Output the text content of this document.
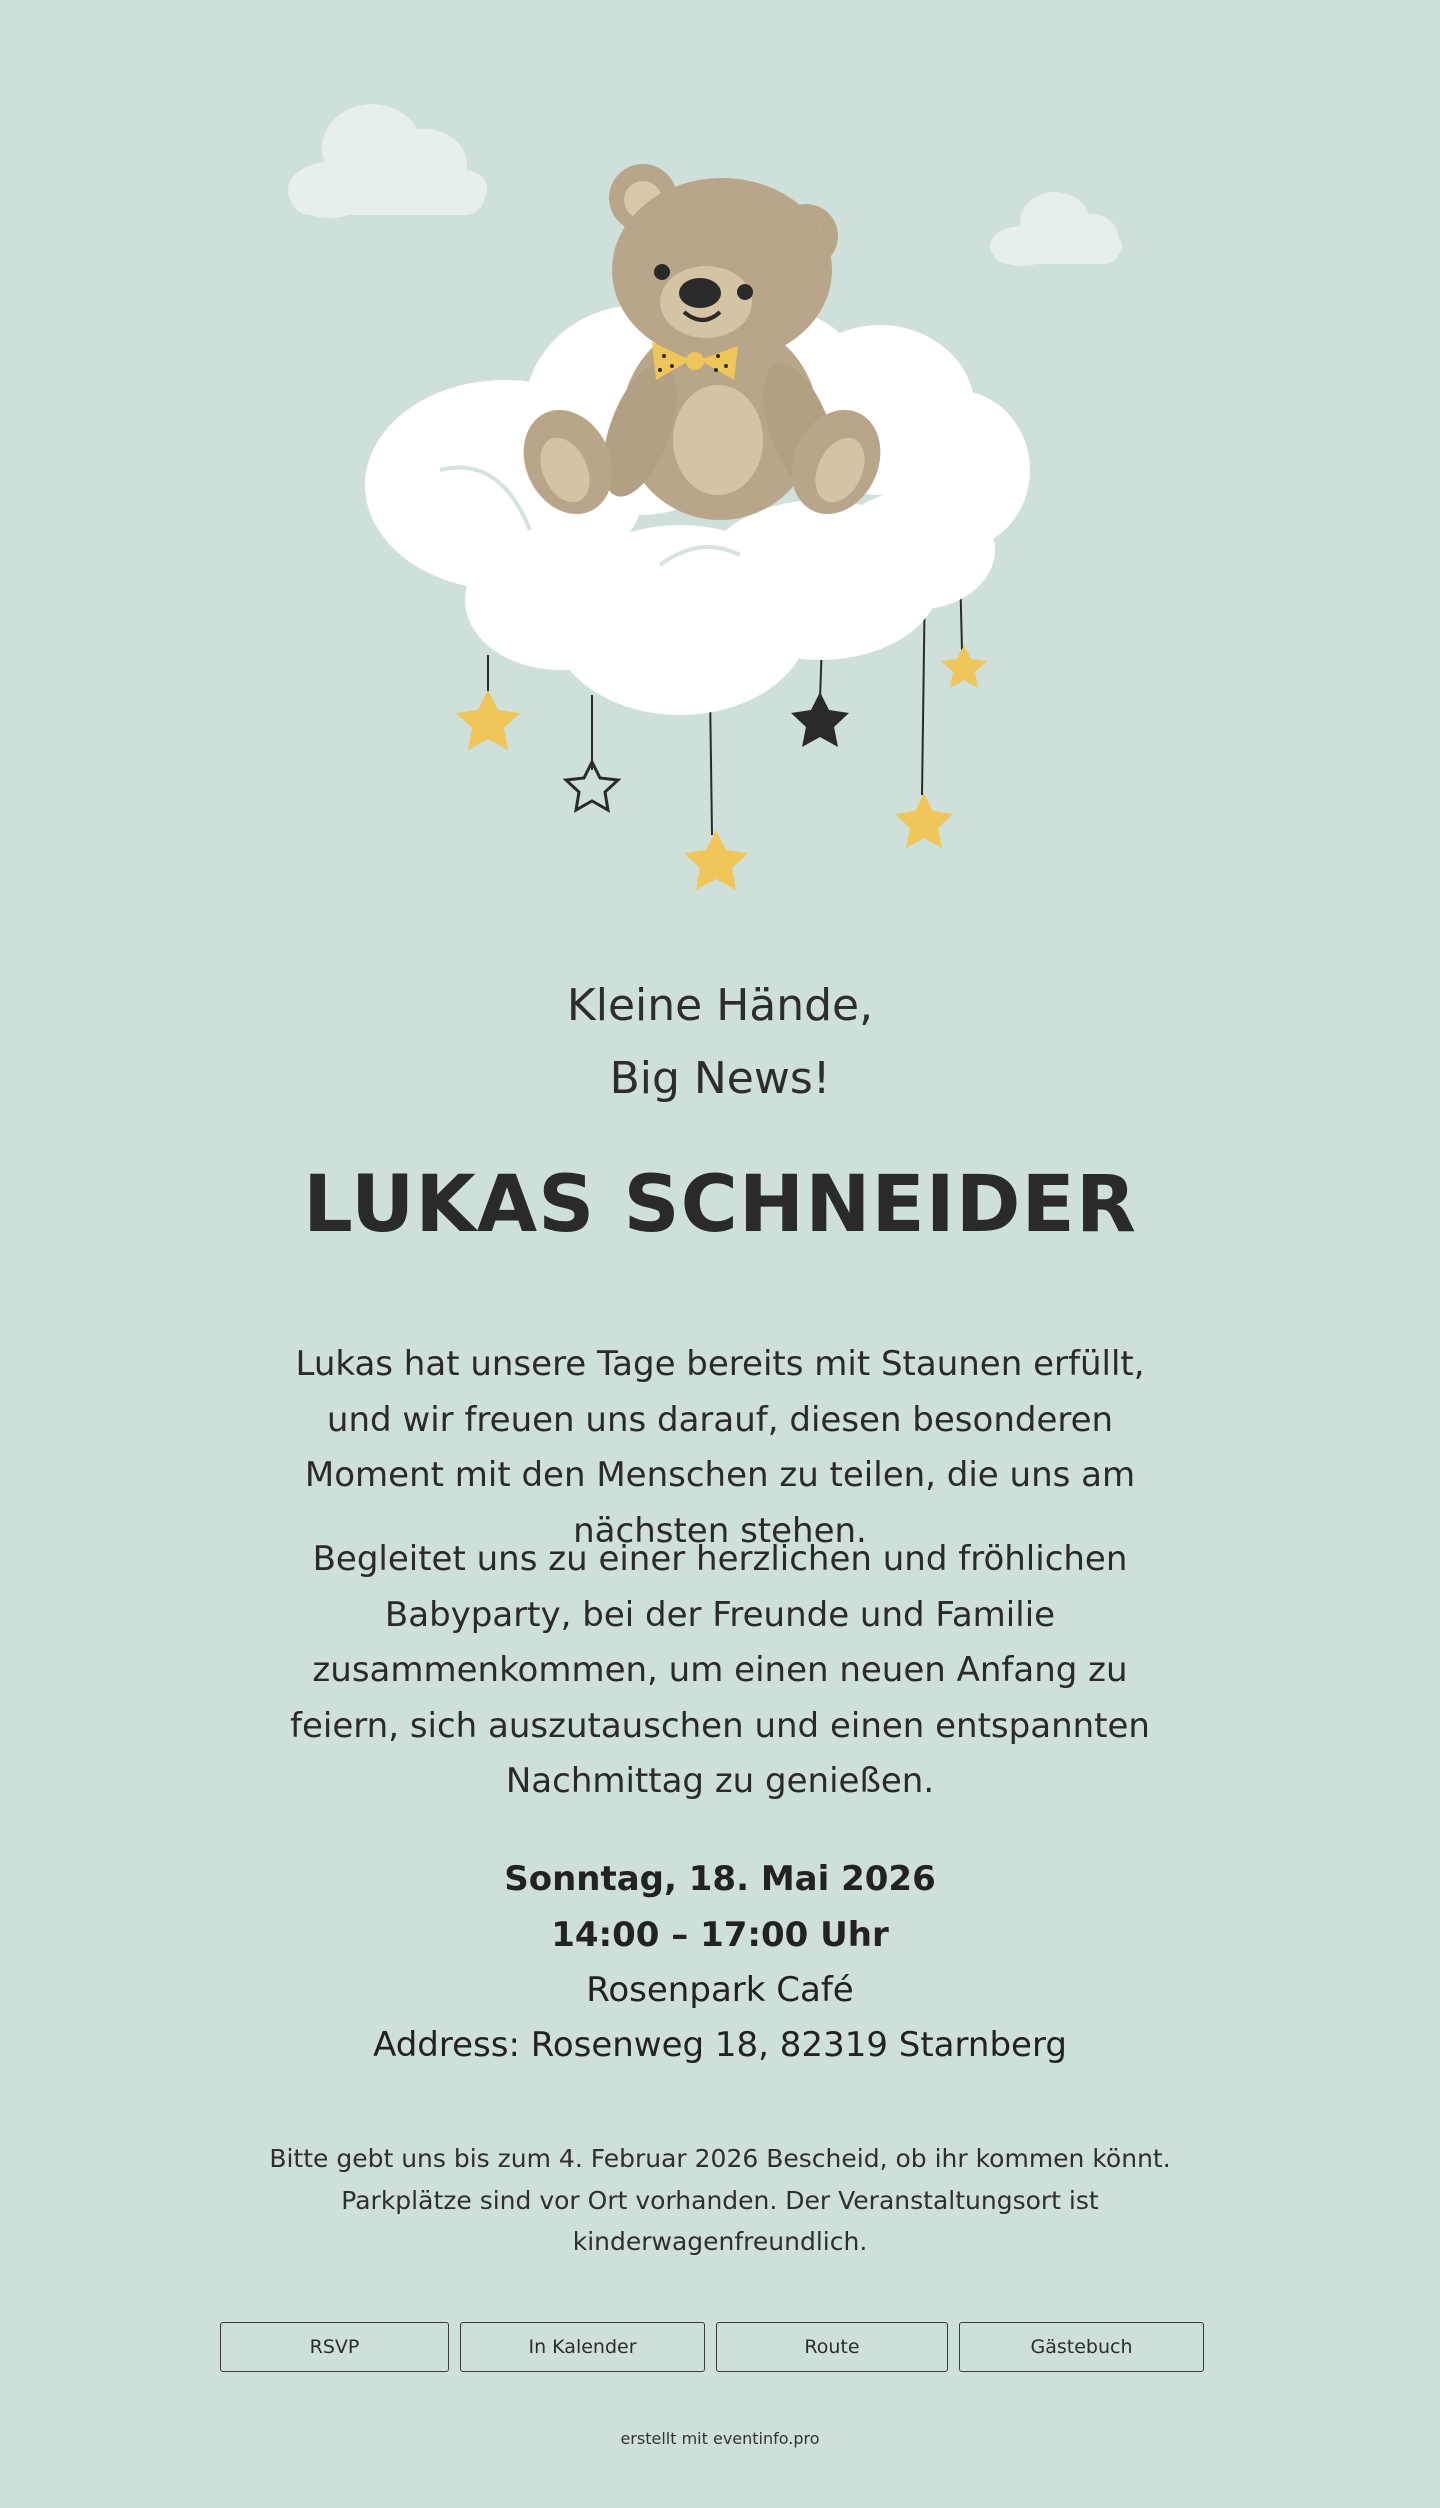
Kleine Hände,
Big News!
LUKAS SCHNEIDER
Lukas hat unsere Tage bereits mit Staunen erfüllt, und wir freuen uns darauf, diesen besonderen Moment mit den Menschen zu teilen, die uns am nächsten stehen.
Begleitet uns zu einer herzlichen und fröhlichen Babyparty, bei der Freunde und Familie zusammenkommen, um einen neuen Anfang zu feiern, sich auszutauschen und einen entspannten Nachmittag zu genießen.
Sonntag, 18. Mai 2026
14:00 – 17:00 Uhr
Rosenpark Café
Address: Rosenweg 18, 82319 Starnberg
Bitte gebt uns bis zum 4. Februar 2026 Bescheid, ob ihr kommen könnt. Parkplätze sind vor Ort vorhanden. Der Veranstaltungsort ist kinderwagenfreundlich.
RSVP	In Kalender	Route	Gästebuch
erstellt mit eventinfo.pro
